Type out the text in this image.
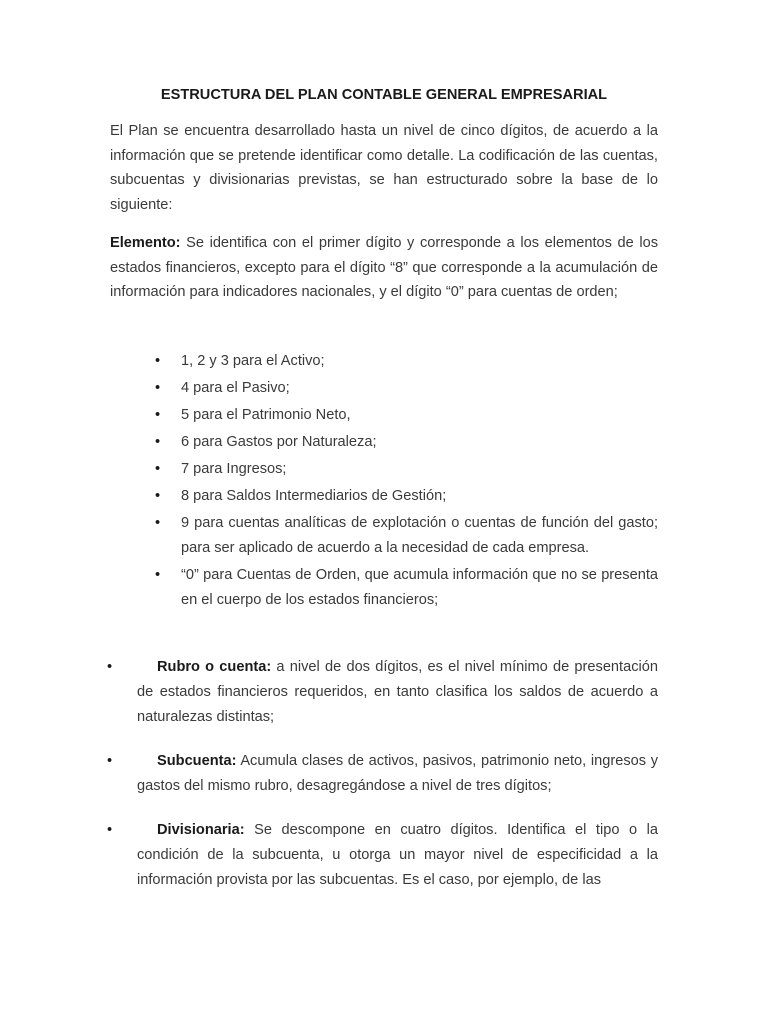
ESTRUCTURA DEL PLAN CONTABLE GENERAL EMPRESARIAL

El Plan se encuentra desarrollado hasta un nivel de cinco dígitos, de acuerdo a la información que se pretende identificar como detalle. La codificación de las cuentas, subcuentas y divisionarias previstas, se han estructurado sobre la base de lo siguiente:

Elemento: Se identifica con el primer dígito y corresponde a los elementos de los estados financieros, excepto para el dígito “8” que corresponde a la acumulación de información para indicadores nacionales, y el dígito “0” para cuentas de orden;

• 1, 2 y 3 para el Activo;
• 4 para el Pasivo;
• 5 para el Patrimonio Neto,
• 6 para Gastos por Naturaleza;
• 7 para Ingresos;
• 8 para Saldos Intermediarios de Gestión;
• 9 para cuentas analíticas de explotación o cuentas de función del gasto; para ser aplicado de acuerdo a la necesidad de cada empresa.
• “0” para Cuentas de Orden, que acumula información que no se presenta en el cuerpo de los estados financieros;
•	Rubro o cuenta: a nivel de dos dígitos, es el nivel mínimo de presentación de estados financieros requeridos, en tanto clasifica los saldos de acuerdo a naturalezas distintas;
•	Subcuenta: Acumula clases de activos, pasivos, patrimonio neto, ingresos y gastos del mismo rubro, desagregándose a nivel de tres dígitos;
•	Divisionaria: Se descompone en cuatro dígitos. Identifica el tipo o la condición de la subcuenta, u otorga un mayor nivel de especificidad a la información provista por las subcuentas. Es el caso, por ejemplo, de las
